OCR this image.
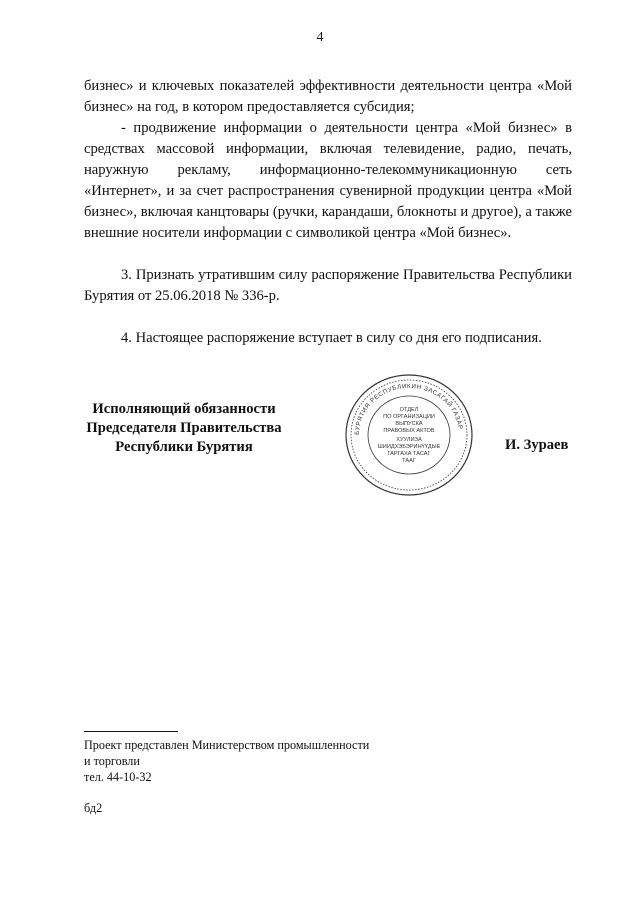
4

бизнес» и ключевых показателей эффективности деятельности центра «Мой бизнес» на год, в котором предоставляется субсидия;

- продвижение информации о деятельности центра «Мой бизнес» в средствах массовой информации, включая телевидение, радио, печать, наружную рекламу, информационно-телекоммуникационную сеть «Интернет», и за счет распространения сувенирной продукции центра «Мой бизнес», включая канцтовары (ручки, карандаши, блокноты и другое), а также внешние носители информации с символикой центра «Мой бизнес».

3. Признать утратившим силу распоряжение Правительства Республики Бурятия от 25.06.2018 № 336-р.

4. Настоящее распоряжение вступает в силу со дня его подписания.

Исполняющий обязанности
Председателя Правительства
Республики Бурятия
БУРЯТИЯ РЕСПУБЛИКИН ЗАСАГАЙ ГАЗАР
ОТДЕЛ
ПО ОРГАНИЗАЦИИ
ВЫПУСКА
ПРАВОВЫХ АКТОВ
ХУУЛИЗА
ШИИДХЭБЭРИНҮҮДЫЕ
ГАРГАХА ТАСАГ
ТААГ
И. Зураев
Проект представлен Министерством промышленности
и торговли
тел. 44-10-32
бд2
